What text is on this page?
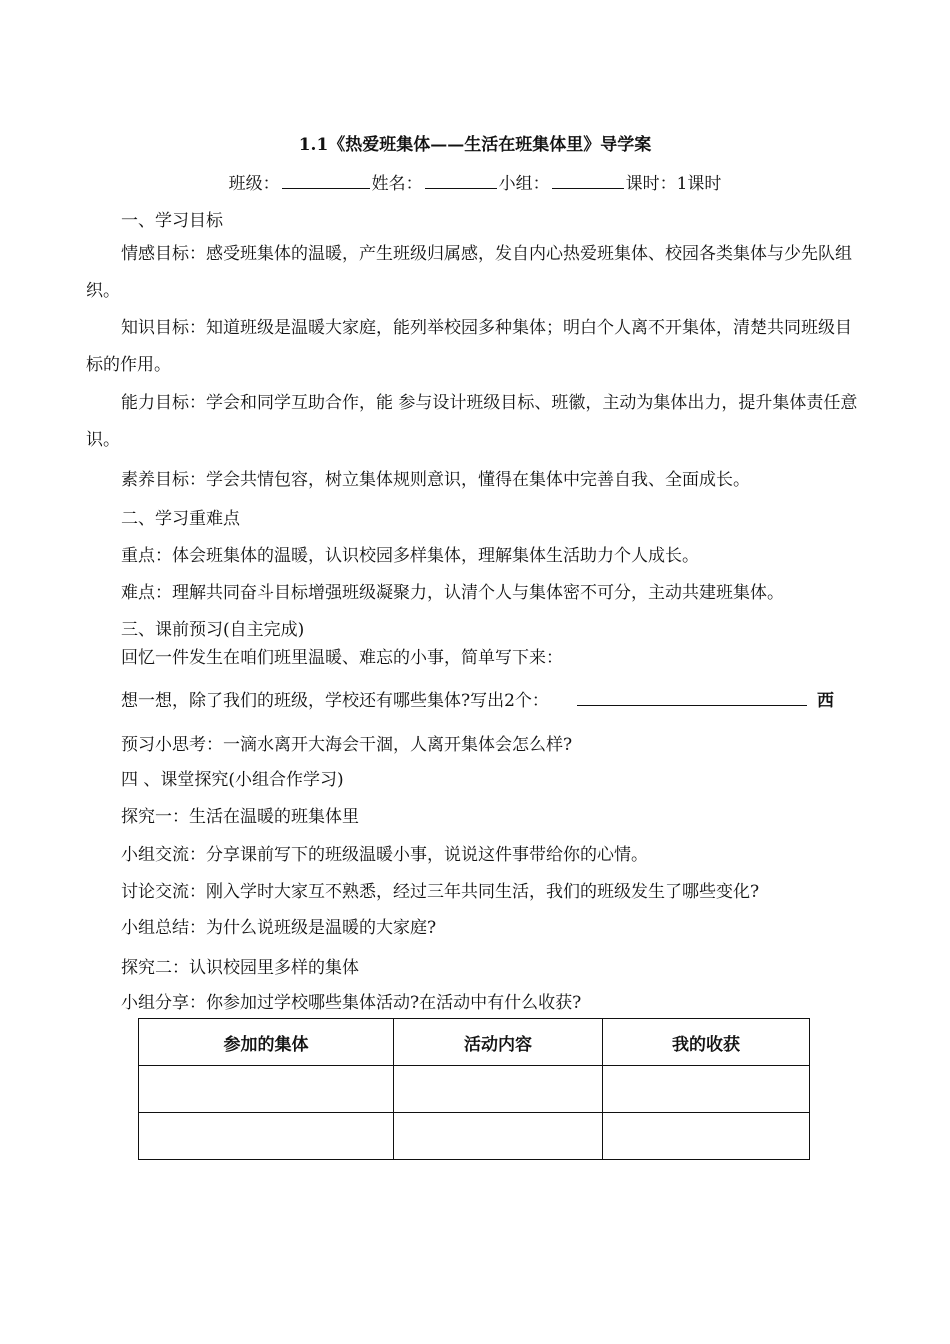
1.1《热爱班集体——生活在班集体里》导学案
班级：	姓名：	小组：	课时：1课时
一、学习目标
情感目标：感受班集体的温暖，产生班级归属感，发自内心热爱班集体、校园各类集体与少先队组织。
知识目标：知道班级是温暖大家庭，能列举校园多种集体；明白个人离不开集体，清楚共同班级目标的作用。
能力目标：学会和同学互助合作，能 参与设计班级目标、班徽，主动为集体出力，提升集体责任意识。
素养目标：学会共情包容，树立集体规则意识，懂得在集体中完善自我、全面成长。
二、学习重难点
重点：体会班集体的温暖，认识校园多样集体，理解集体生活助力个人成长。
难点：理解共同奋斗目标增强班级凝聚力，认清个人与集体密不可分，主动共建班集体。
三、课前预习(自主完成)
回忆一件发生在咱们班里温暖、难忘的小事，简单写下来：
想一想，除了我们的班级，学校还有哪些集体?写出2个：	西
预习小思考：一滴水离开大海会干涸，人离开集体会怎么样?
四 、课堂探究(小组合作学习)
探究一：生活在温暖的班集体里
小组交流：分享课前写下的班级温暖小事，说说这件事带给你的心情。
讨论交流：刚入学时大家互不熟悉，经过三年共同生活，我们的班级发生了哪些变化?
小组总结：为什么说班级是温暖的大家庭?
探究二：认识校园里多样的集体
小组分享：你参加过学校哪些集体活动?在活动中有什么收获?
参加的集体	活动内容	我的收获
